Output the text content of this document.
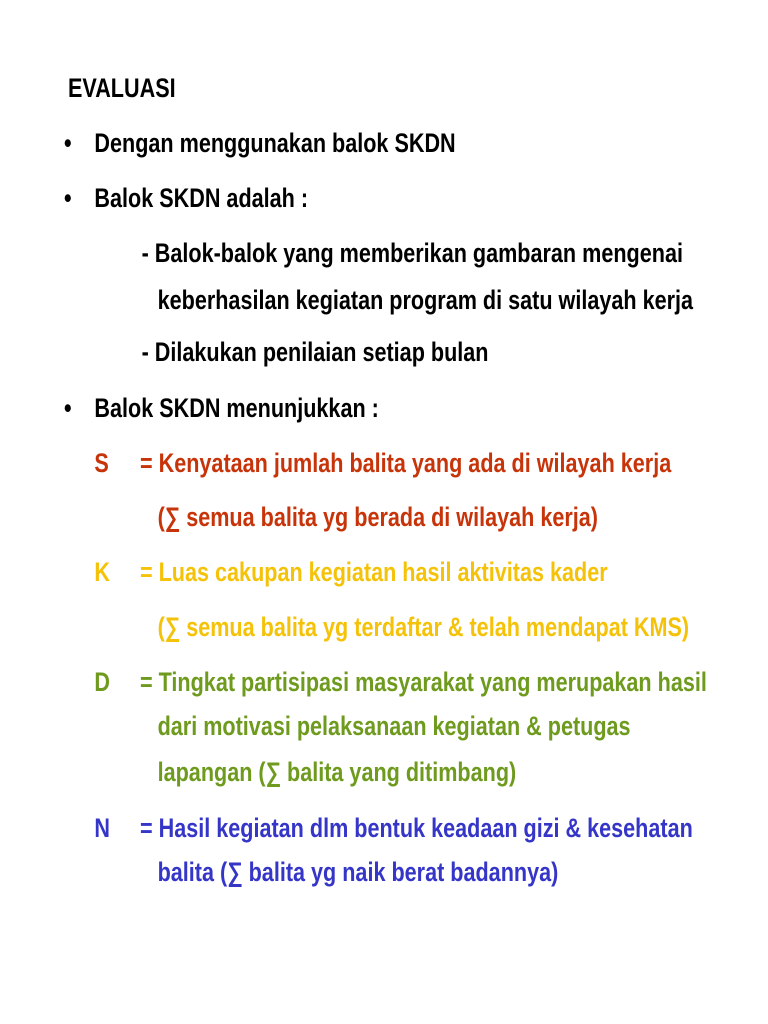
EVALUASI
• Dengan menggunakan balok SKDN
• Balok SKDN adalah :
- Balok-balok yang memberikan gambaran mengenai
keberhasilan kegiatan program di satu wilayah kerja
- Dilakukan penilaian setiap bulan
• Balok SKDN menunjukkan :
S = Kenyataan jumlah balita yang ada di wilayah kerja
(∑ semua balita yg berada di wilayah kerja)
K = Luas cakupan kegiatan hasil aktivitas kader
(∑ semua balita yg terdaftar & telah mendapat KMS)
D = Tingkat partisipasi masyarakat yang merupakan hasil
dari motivasi pelaksanaan kegiatan & petugas
lapangan (∑ balita yang ditimbang)
N = Hasil kegiatan dlm bentuk keadaan gizi & kesehatan
balita (∑ balita yg naik berat badannya)
